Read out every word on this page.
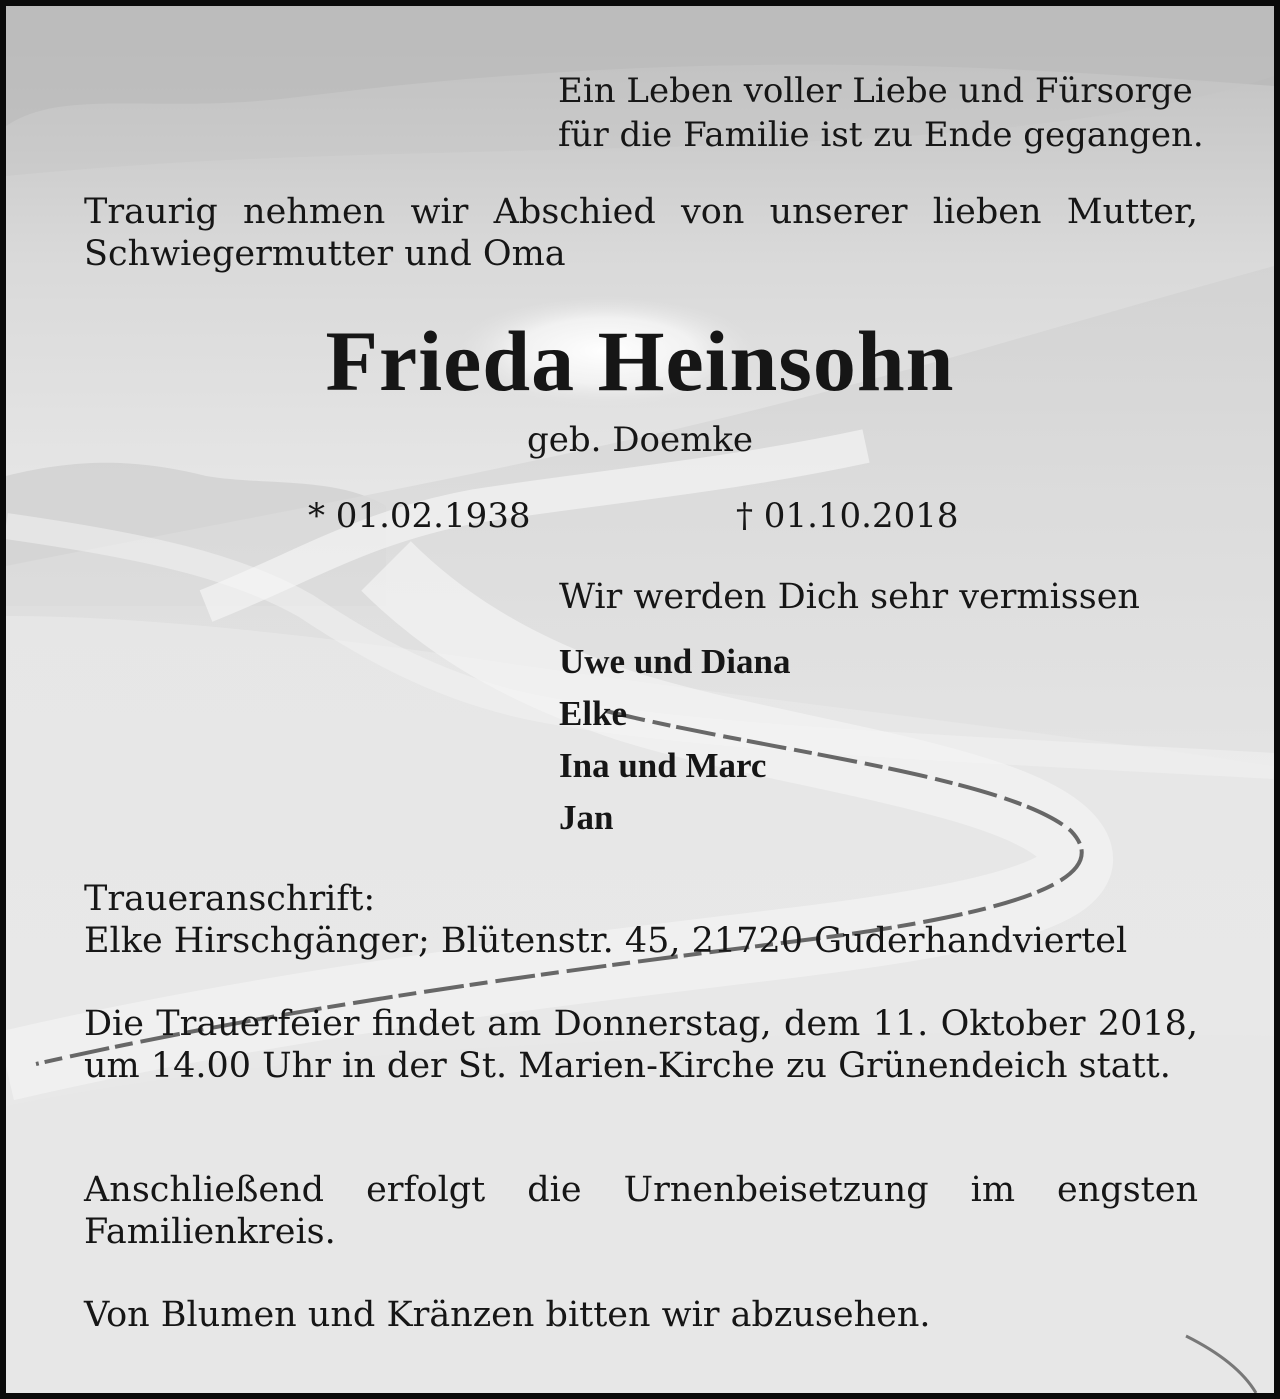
Ein Leben voller Liebe und Fürsorge
für die Familie ist zu Ende gegangen.
Traurig nehmen wir Abschied von unserer lieben Mutter,
Schwiegermutter und Oma
Frieda Heinsohn
geb. Doemke
* 01.02.1938	† 01.10.2018
Wir werden Dich sehr vermissen
Uwe und Diana
Elke
Ina und Marc
Jan
Traueranschrift:
Elke Hirschgänger; Blütenstr. 45, 21720 Guderhandviertel

Die Trauerfeier findet am Donnerstag, dem 11. Oktober 2018, um 14.00 Uhr in der St. Marien-Kirche zu Grünendeich statt.

Anschließend erfolgt die Urnenbeisetzung im engsten Familienkreis.

Von Blumen und Kränzen bitten wir abzusehen.
